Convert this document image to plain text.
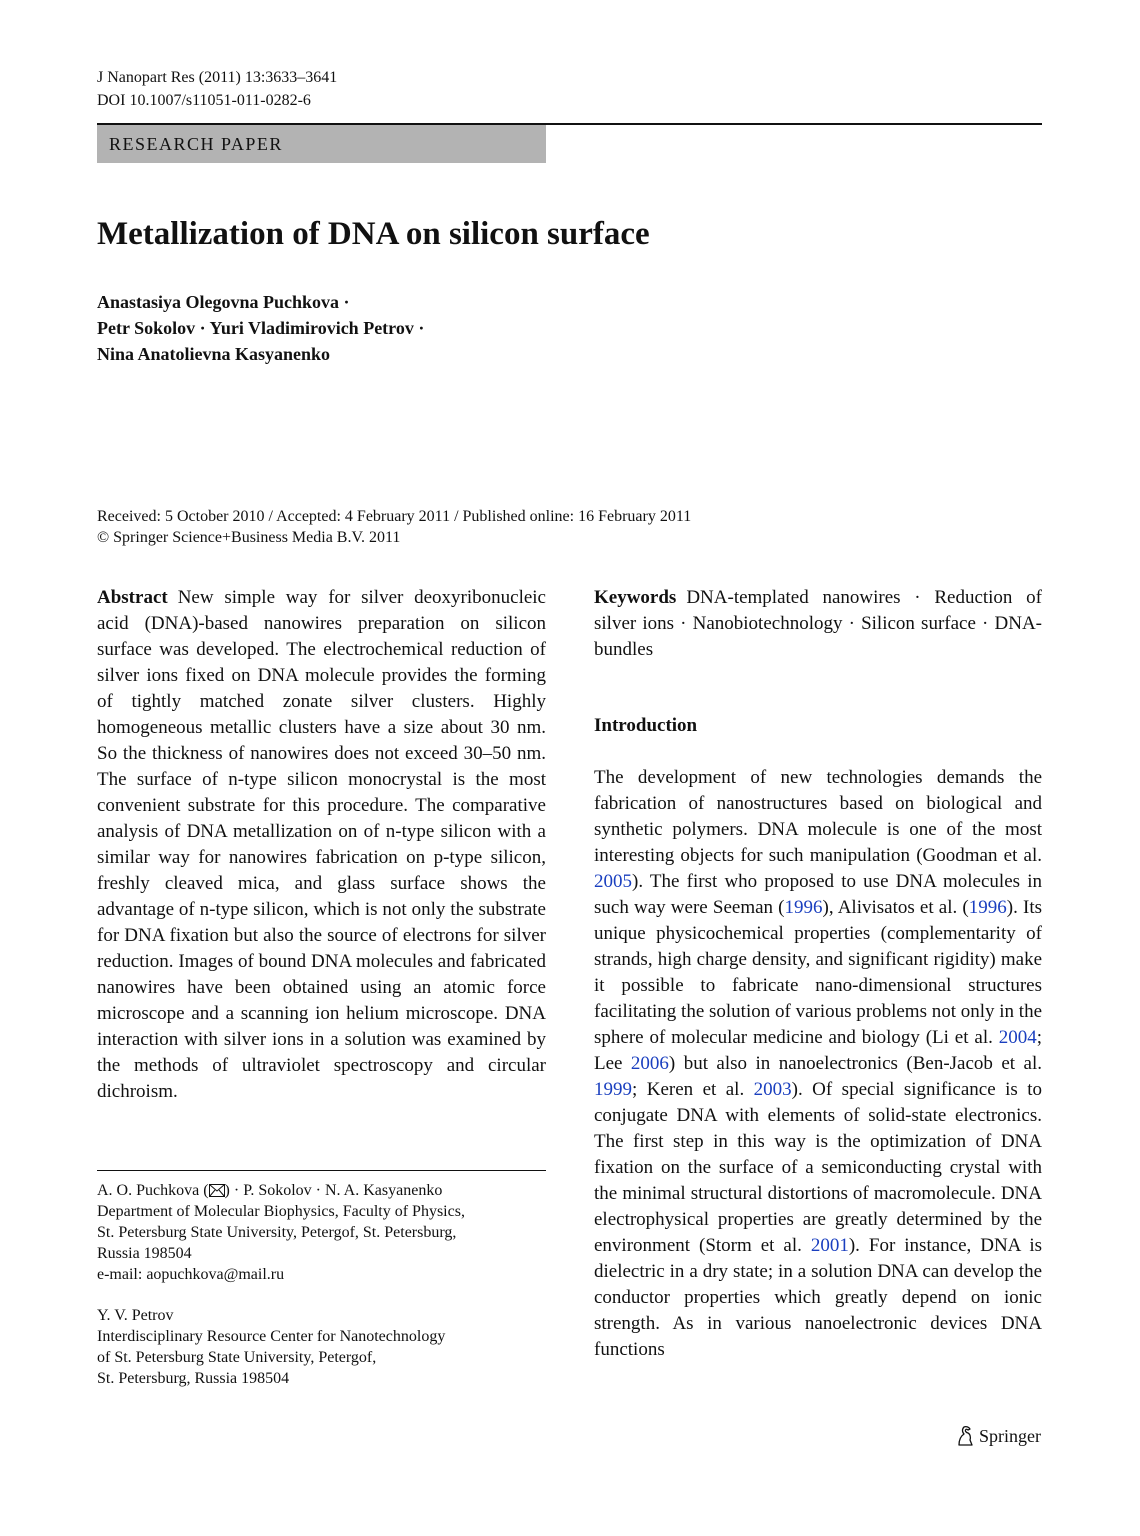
J Nanopart Res (2011) 13:3633–3641
DOI 10.1007/s11051-011-0282-6
RESEARCH PAPER
Metallization of DNA on silicon surface
Anastasiya Olegovna Puchkova ·
Petr Sokolov · Yuri Vladimirovich Petrov ·
Nina Anatolievna Kasyanenko
Received: 5 October 2010 / Accepted: 4 February 2011 / Published online: 16 February 2011
© Springer Science+Business Media B.V. 2011
Abstract New simple way for silver deoxyribonucleic acid (DNA)-based nanowires preparation on silicon surface was developed. The electrochemical reduction of silver ions fixed on DNA molecule provides the forming of tightly matched zonate silver clusters. Highly homogeneous metallic clusters have a size about 30 nm. So the thickness of nanowires does not exceed 30–50 nm. The surface of n-type silicon monocrystal is the most convenient substrate for this procedure. The comparative analysis of DNA metallization on of n-type silicon with a similar way for nanowires fabrication on p-type silicon, freshly cleaved mica, and glass surface shows the advantage of n-type silicon, which is not only the substrate for DNA fixation but also the source of electrons for silver reduction. Images of bound DNA molecules and fabricated nanowires have been obtained using an atomic force microscope and a scanning ion helium microscope. DNA interaction with silver ions in a solution was examined by the methods of ultraviolet spectroscopy and circular dichroism.
A. O. Puchkova ( ) · P. Sokolov · N. A. Kasyanenko
Department of Molecular Biophysics, Faculty of Physics,
St. Petersburg State University, Petergof, St. Petersburg,
Russia 198504
e-mail: aopuchkova@mail.ru
Y. V. Petrov
Interdisciplinary Resource Center for Nanotechnology
of St. Petersburg State University, Petergof,
St. Petersburg, Russia 198504
Keywords DNA-templated nanowires · Reduction of silver ions · Nanobiotechnology · Silicon surface · DNA-bundles
Introduction
The development of new technologies demands the fabrication of nanostructures based on biological and synthetic polymers. DNA molecule is one of the most interesting objects for such manipulation (Goodman et al. 2005). The first who proposed to use DNA molecules in such way were Seeman (1996), Alivisatos et al. (1996). Its unique physicochemical properties (complementarity of strands, high charge density, and significant rigidity) make it possible to fabricate nano-dimensional structures facilitating the solution of various problems not only in the sphere of molecular medicine and biology (Li et al. 2004; Lee 2006) but also in nanoelectronics (Ben-Jacob et al. 1999; Keren et al. 2003). Of special significance is to conjugate DNA with elements of solid-state electronics. The first step in this way is the optimization of DNA fixation on the surface of a semiconducting crystal with the minimal structural distortions of macromolecule. DNA electrophysical properties are greatly determined by the environment (Storm et al. 2001). For instance, DNA is dielectric in a dry state; in a solution DNA can develop the conductor properties which greatly depend on ionic strength. As in various nanoelectronic devices DNA functions
Springer
